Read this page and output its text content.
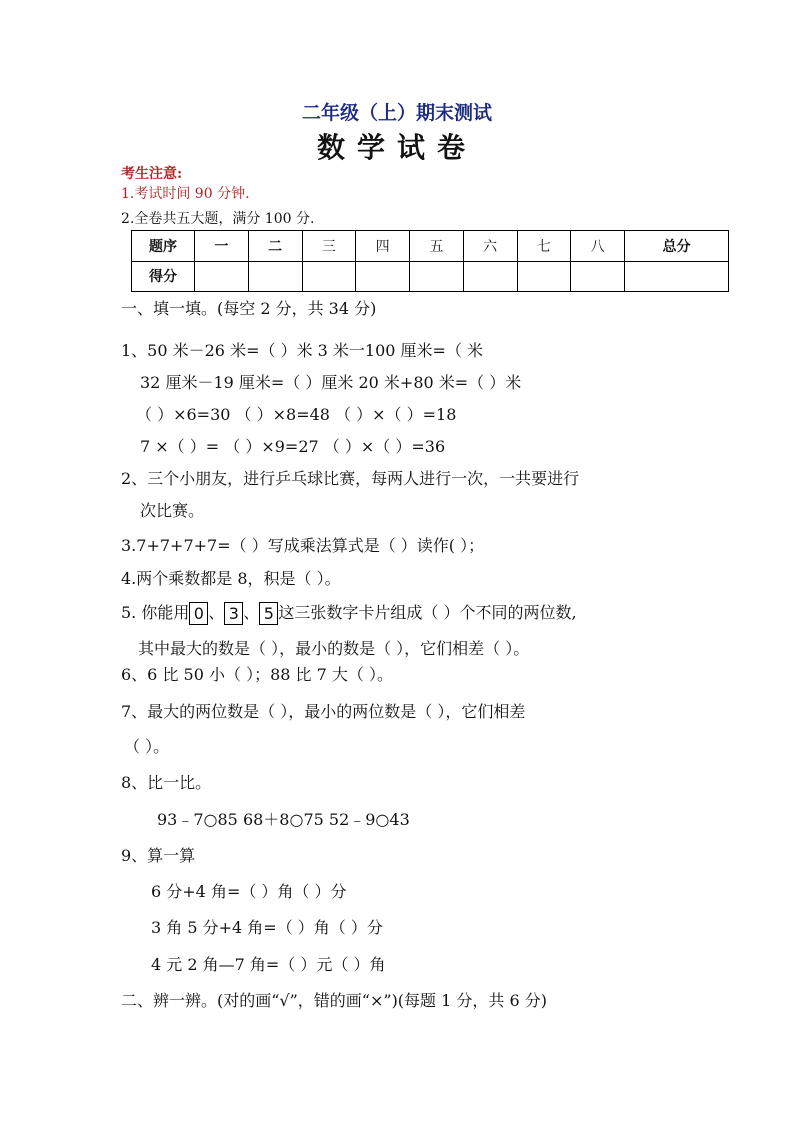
二年级（上）期末测试
数学试卷
考生注意:
1.考试时间 90 分钟.
2.全卷共五大题，满分 100 分.
题序	一	二	三	四	五	六	七	八	总分
得分									
一、填一填。(每空 2 分，共 34 分)
1、50 米－26 米=（ ）米 3 米一100 厘米=（ 米
32 厘米－19 厘米=（ ）厘米 20 米+80 米=（ ）米
（ ）×6=30 （ ）×8=48 （ ）×（ ）=18
7 ×（ ）= （ ）×9=27 （ ）×（ ）=36
2、三个小朋友，进行乒乓球比赛，每两人进行一次，一共要进行
次比赛。
3.7+7+7+7=（ ）写成乘法算式是（ ）读作( ）；
4.两个乘数都是 8，积是（ ）。
5. 你能用 0 、 3 、 5 这三张数字卡片组成（ ）个不同的两位数,
其中最大的数是（ ），最小的数是（ ），它们相差（ ）。
6、6 比 50 小（ ）；88 比 7 大（ ）。
7、最大的两位数是（ ），最小的两位数是（ ），它们相差
（ ）。
8、比一比。
93﹣7○85 68＋8○75 52﹣9○43
9、算一算
6 分+4 角=（ ）角（ ）分
3 角 5 分+4 角=（ ）角（ ）分
4 元 2 角—7 角=（ ）元（ ）角
二、辨一辨。(对的画“√”，错的画“×”)(每题 1 分，共 6 分)
